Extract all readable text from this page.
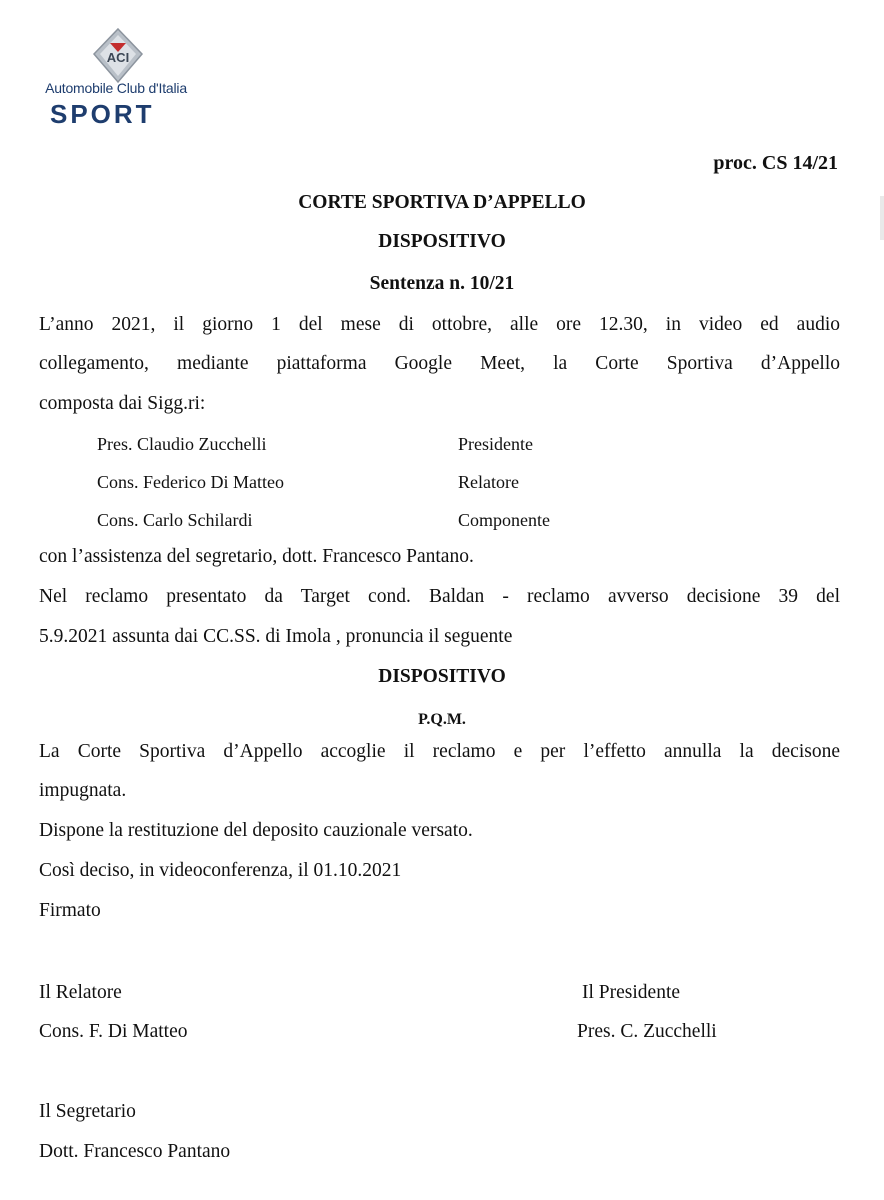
ACI
Automobile Club d'Italia
SPORT
proc. CS 14/21
CORTE SPORTIVA D’APPELLO
DISPOSITIVO
Sentenza n. 10/21
L’anno 2021, il giorno 1 del mese di ottobre, alle ore 12.30, in video ed audio
collegamento, mediante piattaforma Google Meet, la Corte Sportiva d’Appello
composta dai Sigg.ri:
Pres. Claudio Zucchelli	Presidente
Cons. Federico Di Matteo	Relatore
Cons. Carlo Schilardi	Componente
con l’assistenza del segretario, dott. Francesco Pantano.
Nel reclamo presentato da Target cond. Baldan - reclamo avverso decisione 39 del
5.9.2021 assunta dai CC.SS. di Imola , pronuncia il seguente
DISPOSITIVO
P.Q.M.
La Corte Sportiva d’Appello accoglie il reclamo e per l’effetto annulla la decisone
impugnata.
Dispone la restituzione del deposito cauzionale versato.
Così deciso, in videoconferenza, il 01.10.2021
Firmato
Il Relatore
Cons. F. Di Matteo
Il Presidente
Pres. C. Zucchelli
Il Segretario
Dott. Francesco Pantano
